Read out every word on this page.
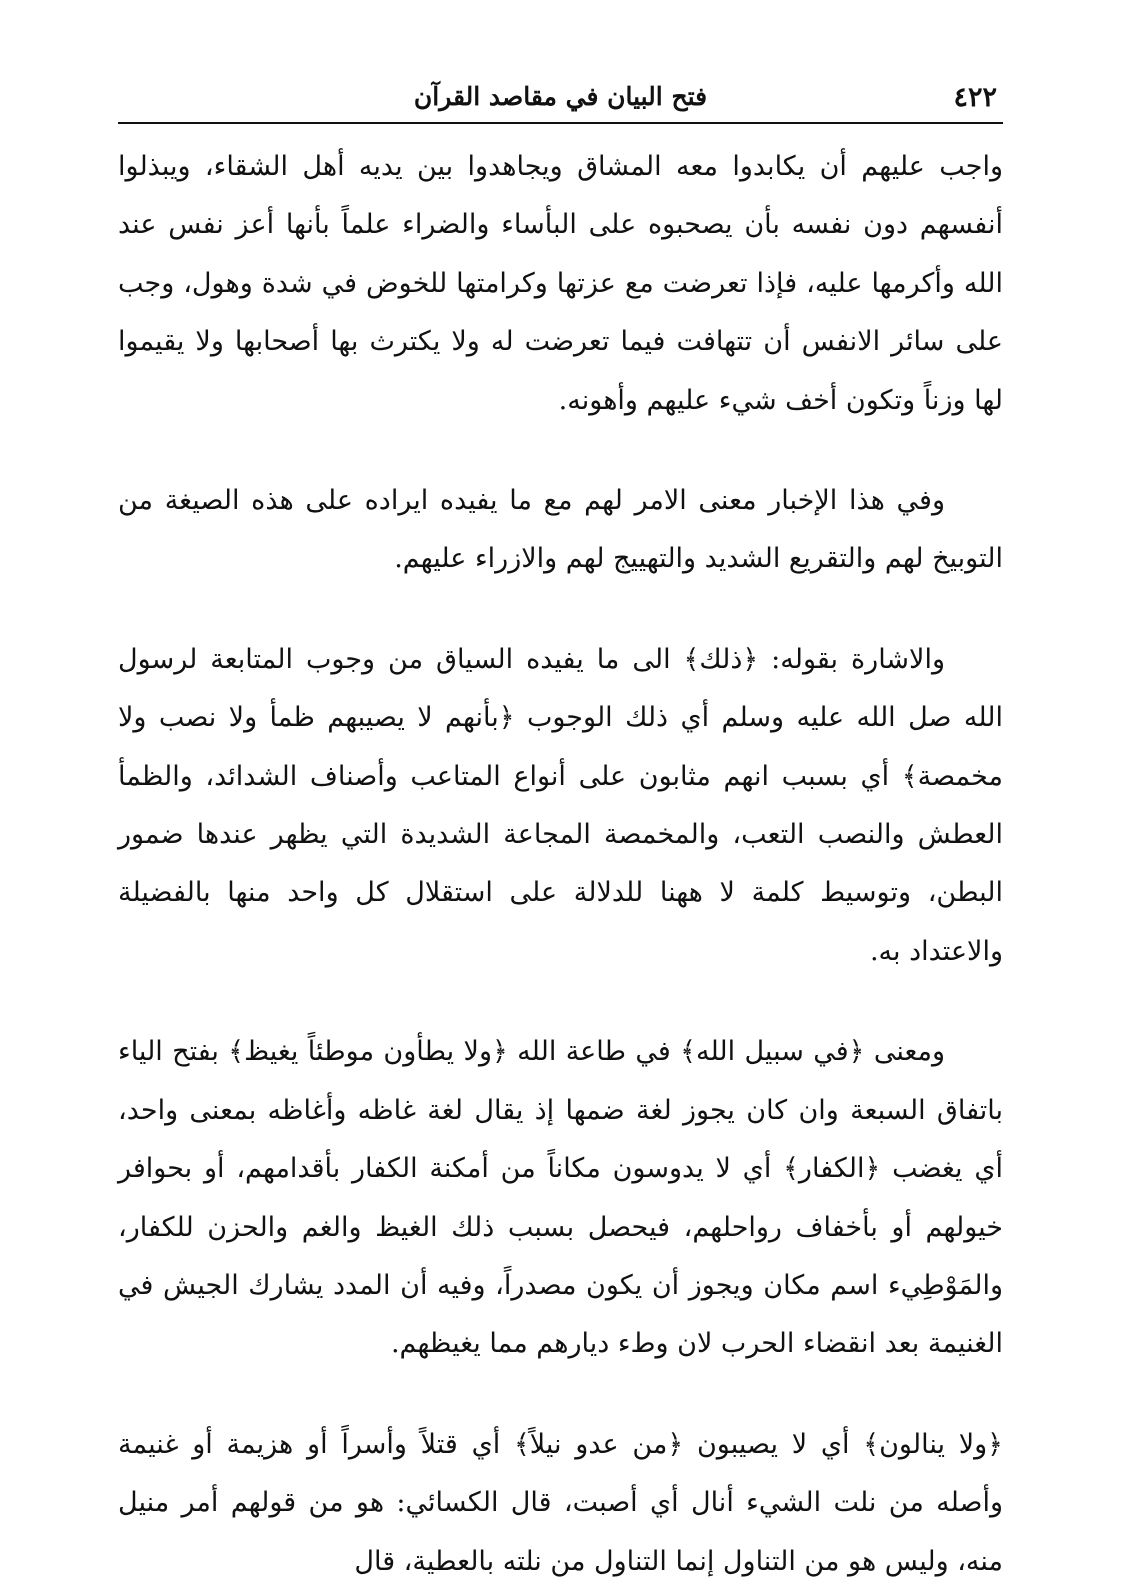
٤٢٢
فتح البيان في مقاصد القرآن

واجب عليهم أن يكابدوا معه المشاق ويجاهدوا بين يديه أهل الشقاء، ويبذلوا أنفسهم دون نفسه بأن يصحبوه على البأساء والضراء علماً بأنها أعز نفس عند الله وأكرمها عليه، فإذا تعرضت مع عزتها وكرامتها للخوض في شدة وهول، وجب على سائر الانفس أن تتهافت فيما تعرضت له ولا يكترث بها أصحابها ولا يقيموا لها وزناً وتكون أخف شيء عليهم وأهونه.

وفي هذا الإخبار معنى الامر لهم مع ما يفيده ايراده على هذه الصيغة من التوبيخ لهم والتقريع الشديد والتهييج لهم والازراء عليهم.

والاشارة بقوله: ﴿ذلك﴾ الى ما يفيده السياق من وجوب المتابعة لرسول الله صل الله عليه وسلم أي ذلك الوجوب ﴿بأنهم لا يصيبهم ظمأ ولا نصب ولا مخمصة﴾ أي بسبب انهم مثابون على أنواع المتاعب وأصناف الشدائد، والظمأ العطش والنصب التعب، والمخمصة المجاعة الشديدة التي يظهر عندها ضمور البطن، وتوسيط كلمة لا ههنا للدلالة على استقلال كل واحد منها بالفضيلة والاعتداد به.

ومعنى ﴿في سبيل الله﴾ في طاعة الله ﴿ولا يطأون موطئاً يغيظ﴾ بفتح الياء باتفاق السبعة وان كان يجوز لغة ضمها إذ يقال لغة غاظه وأغاظه بمعنى واحد، أي يغضب ﴿الكفار﴾ أي لا يدوسون مكاناً من أمكنة الكفار بأقدامهم، أو بحوافر خيولهم أو بأخفاف رواحلهم، فيحصل بسبب ذلك الغيظ والغم والحزن للكفار، والمَوْطِيء اسم مكان ويجوز أن يكون مصدراً، وفيه أن المدد يشارك الجيش في الغنيمة بعد انقضاء الحرب لان وطء ديارهم مما يغيظهم.

﴿ولا ينالون﴾ أي لا يصيبون ﴿من عدو نيلاً﴾ أي قتلاً وأسراً أو هزيمة أو غنيمة وأصله من نلت الشيء أنال أي أصبت، قال الكسائي: هو من قولهم أمر منيل منه، وليس هو من التناول إنما التناول من نلته بالعطية، قال
